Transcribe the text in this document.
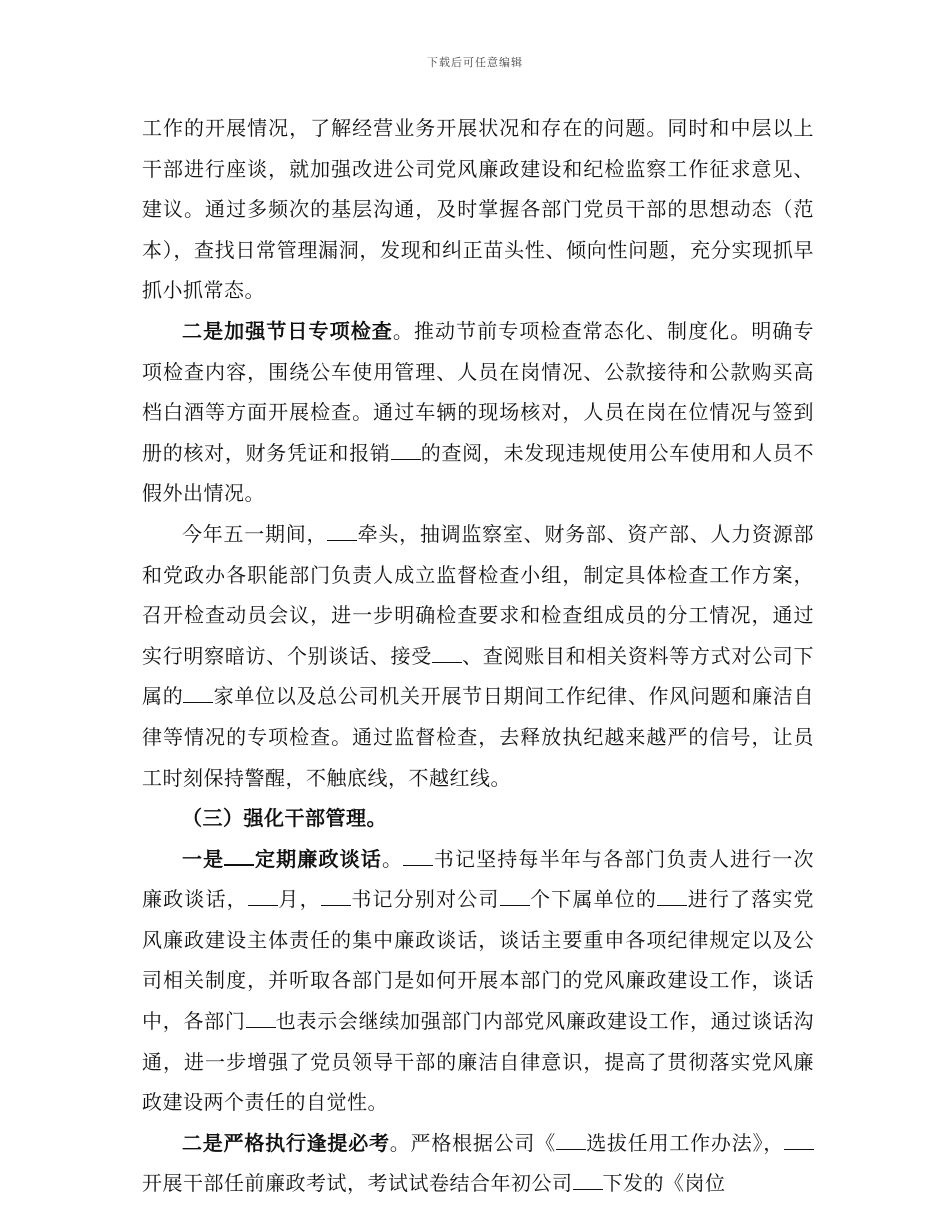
下载后可任意编辑

工作的开展情况，了解经营业务开展状况和存在的问题。同时和中层以上干部进行座谈，就加强改进公司党风廉政建设和纪检监察工作征求意见、建议。通过多频次的基层沟通，及时掌握各部门党员干部的思想动态（范本），查找日常管理漏洞，发现和纠正苗头性、倾向性问题，充分实现抓早抓小抓常态。

二是加强节日专项检查。推动节前专项检查常态化、制度化。明确专项检查内容，围绕公车使用管理、人员在岗情况、公款接待和公款购买高档白酒等方面开展检查。通过车辆的现场核对，人员在岗在位情况与签到册的核对，财务凭证和报销 的查阅，未发现违规使用公车使用和人员不假外出情况。

今年五一期间， 牵头，抽调监察室、财务部、资产部、人力资源部和党政办各职能部门负责人成立监督检查小组，制定具体检查工作方案，召开检查动员会议，进一步明确检查要求和检查组成员的分工情况，通过实行明察暗访、个别谈话、接受 、查阅账目和相关资料等方式对公司下属的 家单位以及总公司机关开展节日期间工作纪律、作风问题和廉洁自律等情况的专项检查。通过监督检查，去释放执纪越来越严的信号，让员工时刻保持警醒，不触底线，不越红线。

（三）强化干部管理。

一是 定期廉政谈话。 书记坚持每半年与各部门负责人进行一次廉政谈话， 月， 书记分别对公司 个下属单位的 进行了落实党风廉政建设主体责任的集中廉政谈话，谈话主要重申各项纪律规定以及公司相关制度，并听取各部门是如何开展本部门的党风廉政建设工作，谈话中，各部门 也表示会继续加强部门内部党风廉政建设工作，通过谈话沟通，进一步增强了党员领导干部的廉洁自律意识，提高了贯彻落实党风廉政建设两个责任的自觉性。

二是严格执行逢提必考。严格根据公司《 选拔任用工作办法》，开展干部任前廉政考试，考试试卷结合年初公司 下发的《岗位
